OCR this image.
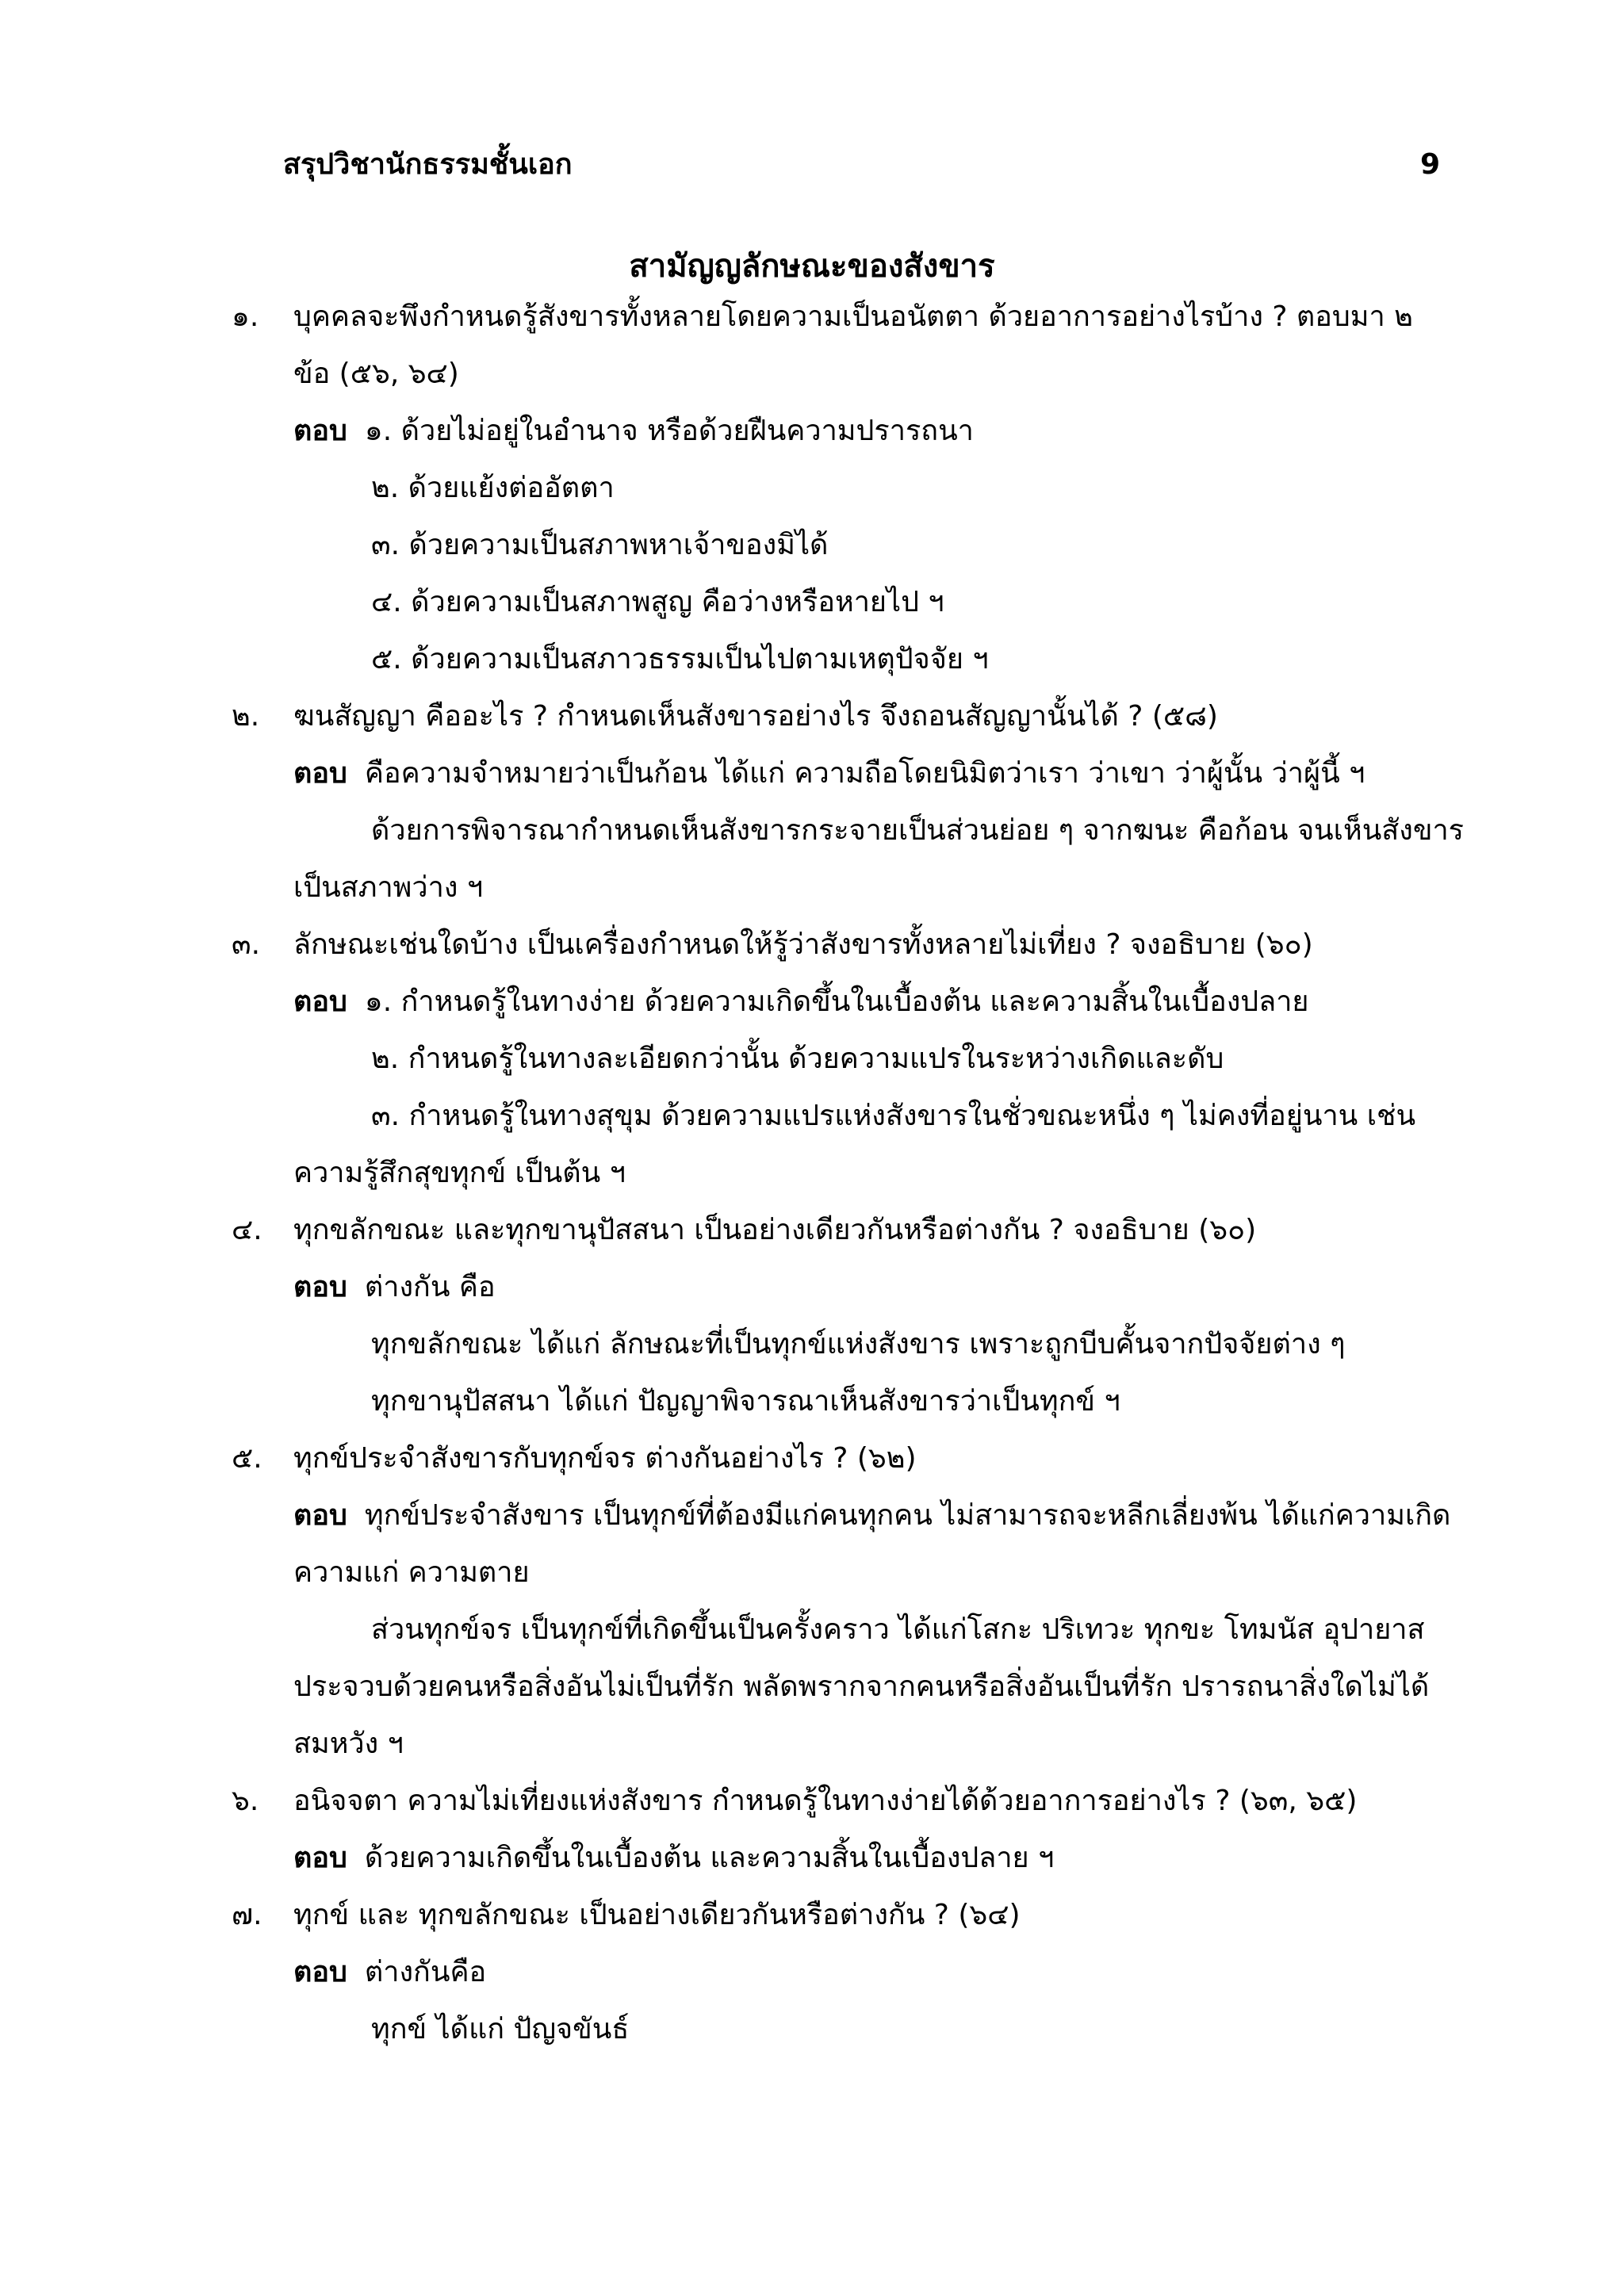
สรุปวิชานักธรรมชั้นเอก	9
สามัญญลักษณะของสังขาร
๑. บุคคลจะพึงกำหนดรู้สังขารทั้งหลายโดยความเป็นอนัตตา ด้วยอาการอย่างไรบ้าง ? ตอบมา ๒
ข้อ (๕๖, ๖๔)
ตอบ ๑. ด้วยไม่อยู่ในอำนาจ หรือด้วยฝืนความปรารถนา
๒. ด้วยแย้งต่ออัตตา
๓. ด้วยความเป็นสภาพหาเจ้าของมิได้
๔. ด้วยความเป็นสภาพสูญ คือว่างหรือหายไป ฯ
๕. ด้วยความเป็นสภาวธรรมเป็นไปตามเหตุปัจจัย ฯ
๒. ฆนสัญญา คืออะไร ? กำหนดเห็นสังขารอย่างไร จึงถอนสัญญานั้นได้ ? (๕๘)
ตอบ คือความจำหมายว่าเป็นก้อน ได้แก่ ความถือโดยนิมิตว่าเรา ว่าเขา ว่าผู้นั้น ว่าผู้นี้ ฯ
ด้วยการพิจารณากำหนดเห็นสังขารกระจายเป็นส่วนย่อย ๆ จากฆนะ คือก้อน จนเห็นสังขาร
เป็นสภาพว่าง ฯ
๓. ลักษณะเช่นใดบ้าง เป็นเครื่องกำหนดให้รู้ว่าสังขารทั้งหลายไม่เที่ยง ? จงอธิบาย (๖๐)
ตอบ ๑. กำหนดรู้ในทางง่าย ด้วยความเกิดขึ้นในเบื้องต้น และความสิ้นในเบื้องปลาย
๒. กำหนดรู้ในทางละเอียดกว่านั้น ด้วยความแปรในระหว่างเกิดและดับ
๓. กำหนดรู้ในทางสุขุม ด้วยความแปรแห่งสังขารในชั่วขณะหนึ่ง ๆ ไม่คงที่อยู่นาน เช่น
ความรู้สึกสุขทุกข์ เป็นต้น ฯ
๔. ทุกขลักขณะ และทุกขานุปัสสนา เป็นอย่างเดียวกันหรือต่างกัน ? จงอธิบาย (๖๐)
ตอบ ต่างกัน คือ
ทุกขลักขณะ ได้แก่ ลักษณะที่เป็นทุกข์แห่งสังขาร เพราะถูกบีบคั้นจากปัจจัยต่าง ๆ
ทุกขานุปัสสนา ได้แก่ ปัญญาพิจารณาเห็นสังขารว่าเป็นทุกข์ ฯ
๕. ทุกข์ประจำสังขารกับทุกข์จร ต่างกันอย่างไร ? (๖๒)
ตอบ ทุกข์ประจำสังขาร เป็นทุกข์ที่ต้องมีแก่คนทุกคน ไม่สามารถจะหลีกเลี่ยงพ้น ได้แก่ความเกิด
ความแก่ ความตาย
ส่วนทุกข์จร เป็นทุกข์ที่เกิดขึ้นเป็นครั้งคราว ได้แก่โสกะ ปริเทวะ ทุกขะ โทมนัส อุปายาส
ประจวบด้วยคนหรือสิ่งอันไม่เป็นที่รัก พลัดพรากจากคนหรือสิ่งอันเป็นที่รัก ปรารถนาสิ่งใดไม่ได้
สมหวัง ฯ
๖. อนิจจตา ความไม่เที่ยงแห่งสังขาร กำหนดรู้ในทางง่ายได้ด้วยอาการอย่างไร ? (๖๓, ๖๕)
ตอบ ด้วยความเกิดขึ้นในเบื้องต้น และความสิ้นในเบื้องปลาย ฯ
๗. ทุกข์ และ ทุกขลักขณะ เป็นอย่างเดียวกันหรือต่างกัน ? (๖๔)
ตอบ ต่างกันคือ
ทุกข์ ได้แก่ ปัญจขันธ์
